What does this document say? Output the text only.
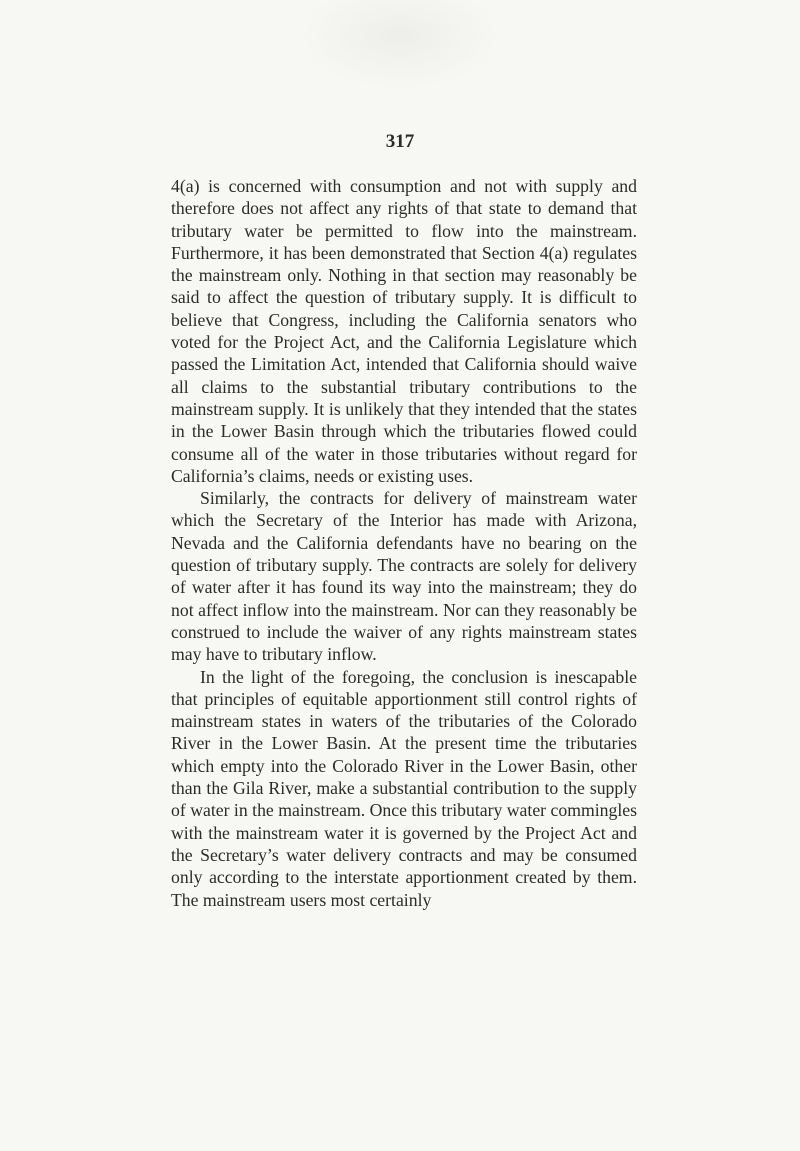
317

4(a) is concerned with consumption and not with supply and therefore does not affect any rights of that state to demand that tributary water be permitted to flow into the mainstream. Furthermore, it has been demonstrated that Section 4(a) regulates the mainstream only. Nothing in that section may reasonably be said to affect the question of tributary supply. It is difficult to believe that Congress, including the California senators who voted for the Project Act, and the California Legislature which passed the Limitation Act, intended that California should waive all claims to the substantial tributary contributions to the mainstream supply. It is unlikely that they intended that the states in the Lower Basin through which the tributaries flowed could consume all of the water in those tributaries without regard for California’s claims, needs or existing uses.

Similarly, the contracts for delivery of mainstream water which the Secretary of the Interior has made with Arizona, Nevada and the California defendants have no bearing on the question of tributary supply. The contracts are solely for delivery of water after it has found its way into the mainstream; they do not affect inflow into the mainstream. Nor can they reasonably be construed to include the waiver of any rights mainstream states may have to tributary inflow.

In the light of the foregoing, the conclusion is inescapable that principles of equitable apportionment still control rights of mainstream states in waters of the tributaries of the Colorado River in the Lower Basin. At the present time the tributaries which empty into the Colorado River in the Lower Basin, other than the Gila River, make a substantial contribution to the supply of water in the mainstream. Once this tributary water commingles with the mainstream water it is governed by the Project Act and the Secretary’s water delivery contracts and may be consumed only according to the interstate apportionment created by them. The mainstream users most certainly
